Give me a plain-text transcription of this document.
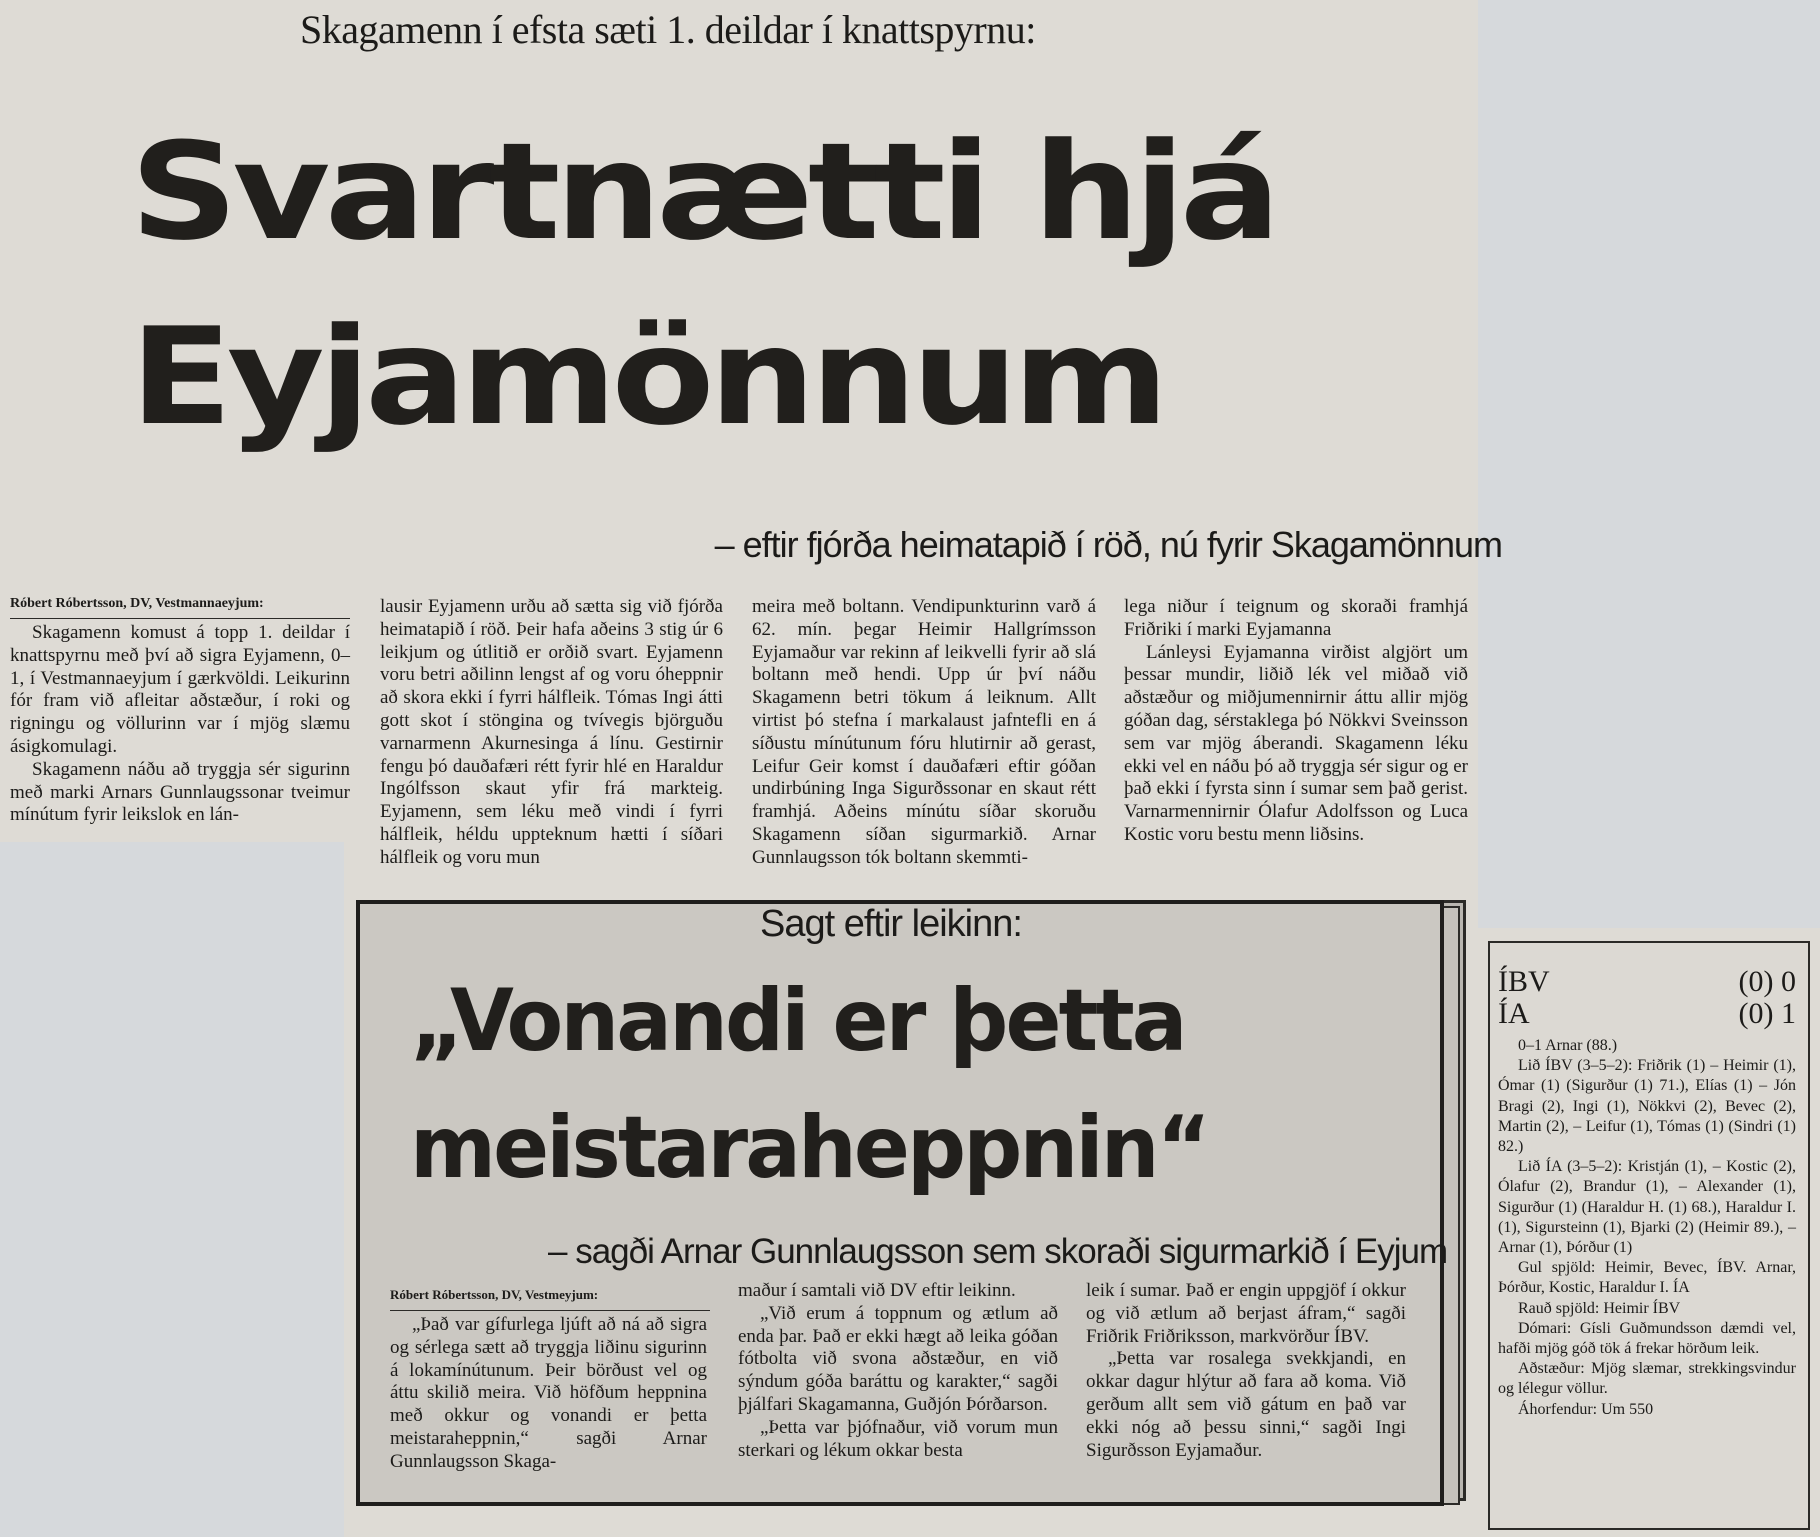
Skagamenn í efsta sæti 1. deildar í knattspyrnu:
Svartnætti hjá
Eyjamönnum
– eftir fjórða heimatapið í röð, nú fyrir Skagamönnum
Róbert Róbertsson, DV, Vestmannaeyjum:

Skagamenn komust á topp 1. deildar í knattspyrnu með því að sigra Eyjamenn, 0–1, í Vestmannaeyjum í gærkvöldi. Leikurinn fór fram við afleitar aðstæður, í roki og rigningu og völlurinn var í mjög slæmu ásigkomulagi.

Skagamenn náðu að tryggja sér sigurinn með marki Arnars Gunnlaugssonar tveimur mínútum fyrir leikslok en lán-

lausir Eyjamenn urðu að sætta sig við fjórða heimatapið í röð. Þeir hafa aðeins 3 stig úr 6 leikjum og útlitið er orðið svart. Eyjamenn voru betri aðilinn lengst af og voru óheppnir að skora ekki í fyrri hálfleik. Tómas Ingi átti gott skot í stöngina og tvívegis björguðu varnarmenn Akurnesinga á línu. Gestirnir fengu þó dauðafæri rétt fyrir hlé en Haraldur Ingólfsson skaut yfir frá markteig. Eyjamenn, sem léku með vindi í fyrri hálfleik, héldu uppteknum hætti í síðari hálfleik og voru mun

meira með boltann. Vendipunkturinn varð á 62. mín. þegar Heimir Hallgrímsson Eyjamaður var rekinn af leikvelli fyrir að slá boltann með hendi. Upp úr því náðu Skagamenn betri tökum á leiknum. Allt virtist þó stefna í markalaust jafntefli en á síðustu mínútunum fóru hlutirnir að gerast, Leifur Geir komst í dauðafæri eftir góðan undirbúning Inga Sigurðssonar en skaut rétt framhjá. Aðeins mínútu síðar skoruðu Skagamenn síðan sigurmarkið. Arnar Gunnlaugsson tók boltann skemmti-

lega niður í teignum og skoraði framhjá Friðriki í marki Eyjamanna

Lánleysi Eyjamanna virðist algjört um þessar mundir, liðið lék vel miðað við aðstæður og miðjumennirnir áttu allir mjög góðan dag, sérstaklega þó Nökkvi Sveinsson sem var mjög áberandi. Skagamenn léku ekki vel en náðu þó að tryggja sér sigur og er það ekki í fyrsta sinn í sumar sem það gerist. Varnarmennirnir Ólafur Adolfsson og Luca Kostic voru bestu menn liðsins.

Sagt eftir leikinn:
„Vonandi er þetta
meistaraheppnin“
– sagði Arnar Gunnlaugsson sem skoraði sigurmarkið í Eyjum
Róbert Róbertsson, DV, Vestmeyjum:

„Það var gífurlega ljúft að ná að sigra og sérlega sætt að tryggja liðinu sigurinn á lokamínútunum. Þeir börðust vel og áttu skilið meira. Við höfðum heppnina með okkur og vonandi er þetta meistaraheppnin,“ sagði Arnar Gunnlaugsson Skaga-

maður í samtali við DV eftir leikinn.

„Við erum á toppnum og ætlum að enda þar. Það er ekki hægt að leika góðan fótbolta við svona aðstæður, en við sýndum góða baráttu og karakter,“ sagði þjálfari Skagamanna, Guðjón Þórðarson.

„Þetta var þjófnaður, við vorum mun sterkari og lékum okkar besta

leik í sumar. Það er engin uppgjöf í okkur og við ætlum að berjast áfram,“ sagði Friðrik Friðriksson, markvörður ÍBV.

„Þetta var rosalega svekkjandi, en okkar dagur hlýtur að fara að koma. Við gerðum allt sem við gátum en það var ekki nóg að þessu sinni,“ sagði Ingi Sigurðsson Eyjamaður.

ÍBV	(0) 0
ÍA	(0) 1

0–1 Arnar (88.)

Lið ÍBV (3–5–2): Friðrik (1) – Heimir (1), Ómar (1) (Sigurður (1) 71.), Elías (1) – Jón Bragi (2), Ingi (1), Nökkvi (2), Bevec (2), Martin (2), – Leifur (1), Tómas (1) (Sindri (1) 82.)

Lið ÍA (3–5–2): Kristján (1), – Kostic (2), Ólafur (2), Brandur (1), – Alexander (1), Sigurður (1) (Haraldur H. (1) 68.), Haraldur I. (1), Sigursteinn (1), Bjarki (2) (Heimir 89.), – Arnar (1), Þórður (1)

Gul spjöld: Heimir, Bevec, ÍBV. Arnar, Þórður, Kostic, Haraldur I. ÍA

Rauð spjöld: Heimir ÍBV

Dómari: Gísli Guðmundsson dæmdi vel, hafði mjög góð tök á frekar hörðum leik.

Aðstæður: Mjög slæmar, strekkingsvindur og lélegur völlur.

Áhorfendur: Um 550
